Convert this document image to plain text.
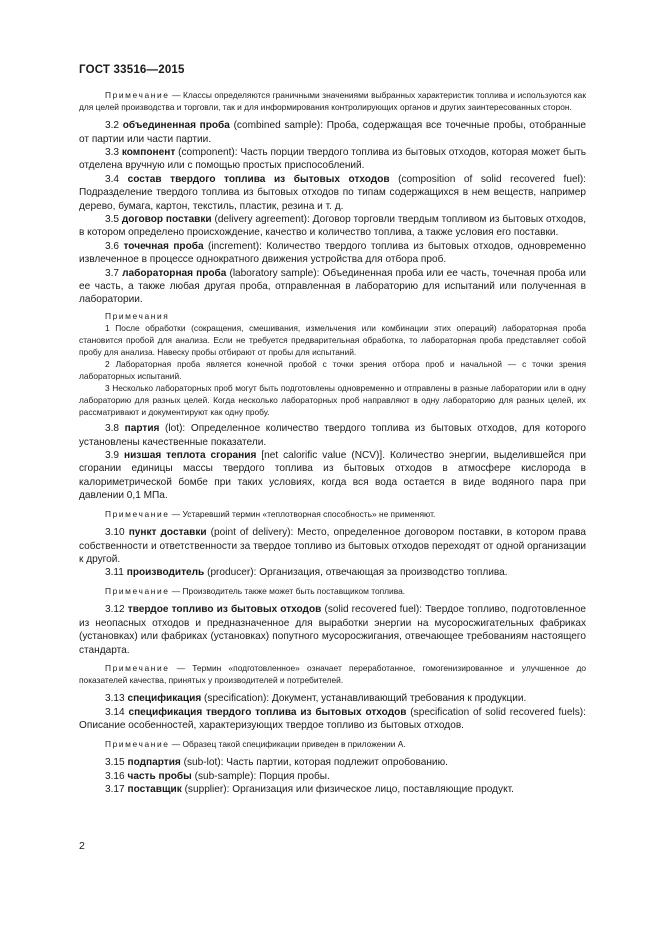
ГОСТ 33516—2015

Примечание — Классы определяются граничными значениями выбранных характеристик топлива и используются как для целей производства и торговли, так и для информирования контролирующих органов и других заинтересованных сторон.

3.2 объединенная проба (combined sample): Проба, содержащая все точечные пробы, отобранные от партии или части партии.

3.3 компонент (component): Часть порции твердого топлива из бытовых отходов, которая может быть отделена вручную или с помощью простых приспособлений.

3.4 состав твердого топлива из бытовых отходов (composition of solid recovered fuel): Подразделение твердого топлива из бытовых отходов по типам содержащихся в нем веществ, например дерево, бумага, картон, текстиль, пластик, резина и т. д.

3.5 договор поставки (delivery agreement): Договор торговли твердым топливом из бытовых отходов, в котором определено происхождение, качество и количество топлива, а также условия его поставки.

3.6 точечная проба (increment): Количество твердого топлива из бытовых отходов, одновременно извлеченное в процессе однократного движения устройства для отбора проб.

3.7 лабораторная проба (laboratory sample): Объединенная проба или ее часть, точечная проба или ее часть, а также любая другая проба, отправленная в лабораторию для испытаний или полученная в лаборатории.

Примечания

1 После обработки (сокращения, смешивания, измельчения или комбинации этих операций) лабораторная проба становится пробой для анализа. Если не требуется предварительная обработка, то лабораторная проба представляет собой пробу для анализа. Навеску пробы отбирают от пробы для испытаний.

2 Лабораторная проба является конечной пробой с точки зрения отбора проб и начальной — с точки зрения лабораторных испытаний.

3 Несколько лабораторных проб могут быть подготовлены одновременно и отправлены в разные лаборатории или в одну лабораторию для разных целей. Когда несколько лабораторных проб направляют в одну лабораторию для разных целей, их рассматривают и документируют как одну пробу.

3.8 партия (lot): Определенное количество твердого топлива из бытовых отходов, для которого установлены качественные показатели.

3.9 низшая теплота сгорания [net calorific value (NCV)]. Количество энергии, выделившейся при сгорании единицы массы твердого топлива из бытовых отходов в атмосфере кислорода в калориметрической бомбе при таких условиях, когда вся вода остается в виде водяного пара при давлении 0,1 МПа.

Примечание — Устаревший термин «теплотворная способность» не применяют.

3.10 пункт доставки (point of delivery): Место, определенное договором поставки, в котором права собственности и ответственности за твердое топливо из бытовых отходов переходят от одной организации к другой.

3.11 производитель (producer): Организация, отвечающая за производство топлива.

Примечание — Производитель также может быть поставщиком топлива.

3.12 твердое топливо из бытовых отходов (solid recovered fuel): Твердое топливо, подготовленное из неопасных отходов и предназначенное для выработки энергии на мусоросжигательных фабриках (установках) или фабриках (установках) попутного мусоросжигания, отвечающее требованиям настоящего стандарта.

Примечание — Термин «подготовленное» означает переработанное, гомогенизированное и улучшенное до показателей качества, принятых у производителей и потребителей.

3.13 спецификация (specification): Документ, устанавливающий требования к продукции.

3.14 спецификация твердого топлива из бытовых отходов (specification of solid recovered fuels): Описание особенностей, характеризующих твердое топливо из бытовых отходов.

Примечание — Образец такой спецификации приведен в приложении А.

3.15 подпартия (sub-lot): Часть партии, которая подлежит опробованию.

3.16 часть пробы (sub-sample): Порция пробы.

3.17 поставщик (supplier): Организация или физическое лицо, поставляющие продукт.

2
